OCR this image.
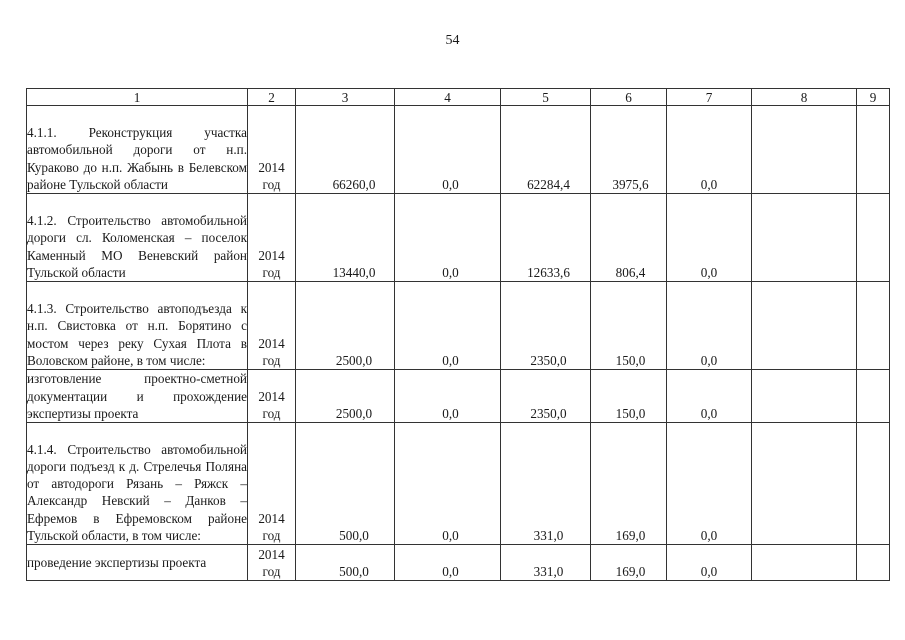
54
1	2	3	4	5	6	7	8	9
4.1.1. Реконструкция участка автомобильной дороги от н.п. Кураково до н.п. Жабынь в Белевском районе Тульской области	2014 год	66260,0	0,0	62284,4	3975,6	0,0		
4.1.2. Строительство автомобильной дороги сл. Коломенская – поселок Каменный МО Веневский район Тульской области	2014 год	13440,0	0,0	12633,6	806,4	0,0		
4.1.3. Строительство автоподъезда к н.п. Свистовка от н.п. Борятино с мостом через реку Сухая Плота в Воловском районе, в том числе:	2014 год	2500,0	0,0	2350,0	150,0	0,0		
изготовление проектно-сметной документации и прохождение экспертизы проекта	2014 год	2500,0	0,0	2350,0	150,0	0,0		
4.1.4. Строительство автомобильной дороги подъезд к д. Стрелечья Поляна от автодороги Рязань – Ряжск – Александр Невский – Данков – Ефремов в Ефремовском районе Тульской области, в том числе:	2014 год	500,0	0,0	331,0	169,0	0,0		
проведение экспертизы проекта	2014 год	500,0	0,0	331,0	169,0	0,0		
